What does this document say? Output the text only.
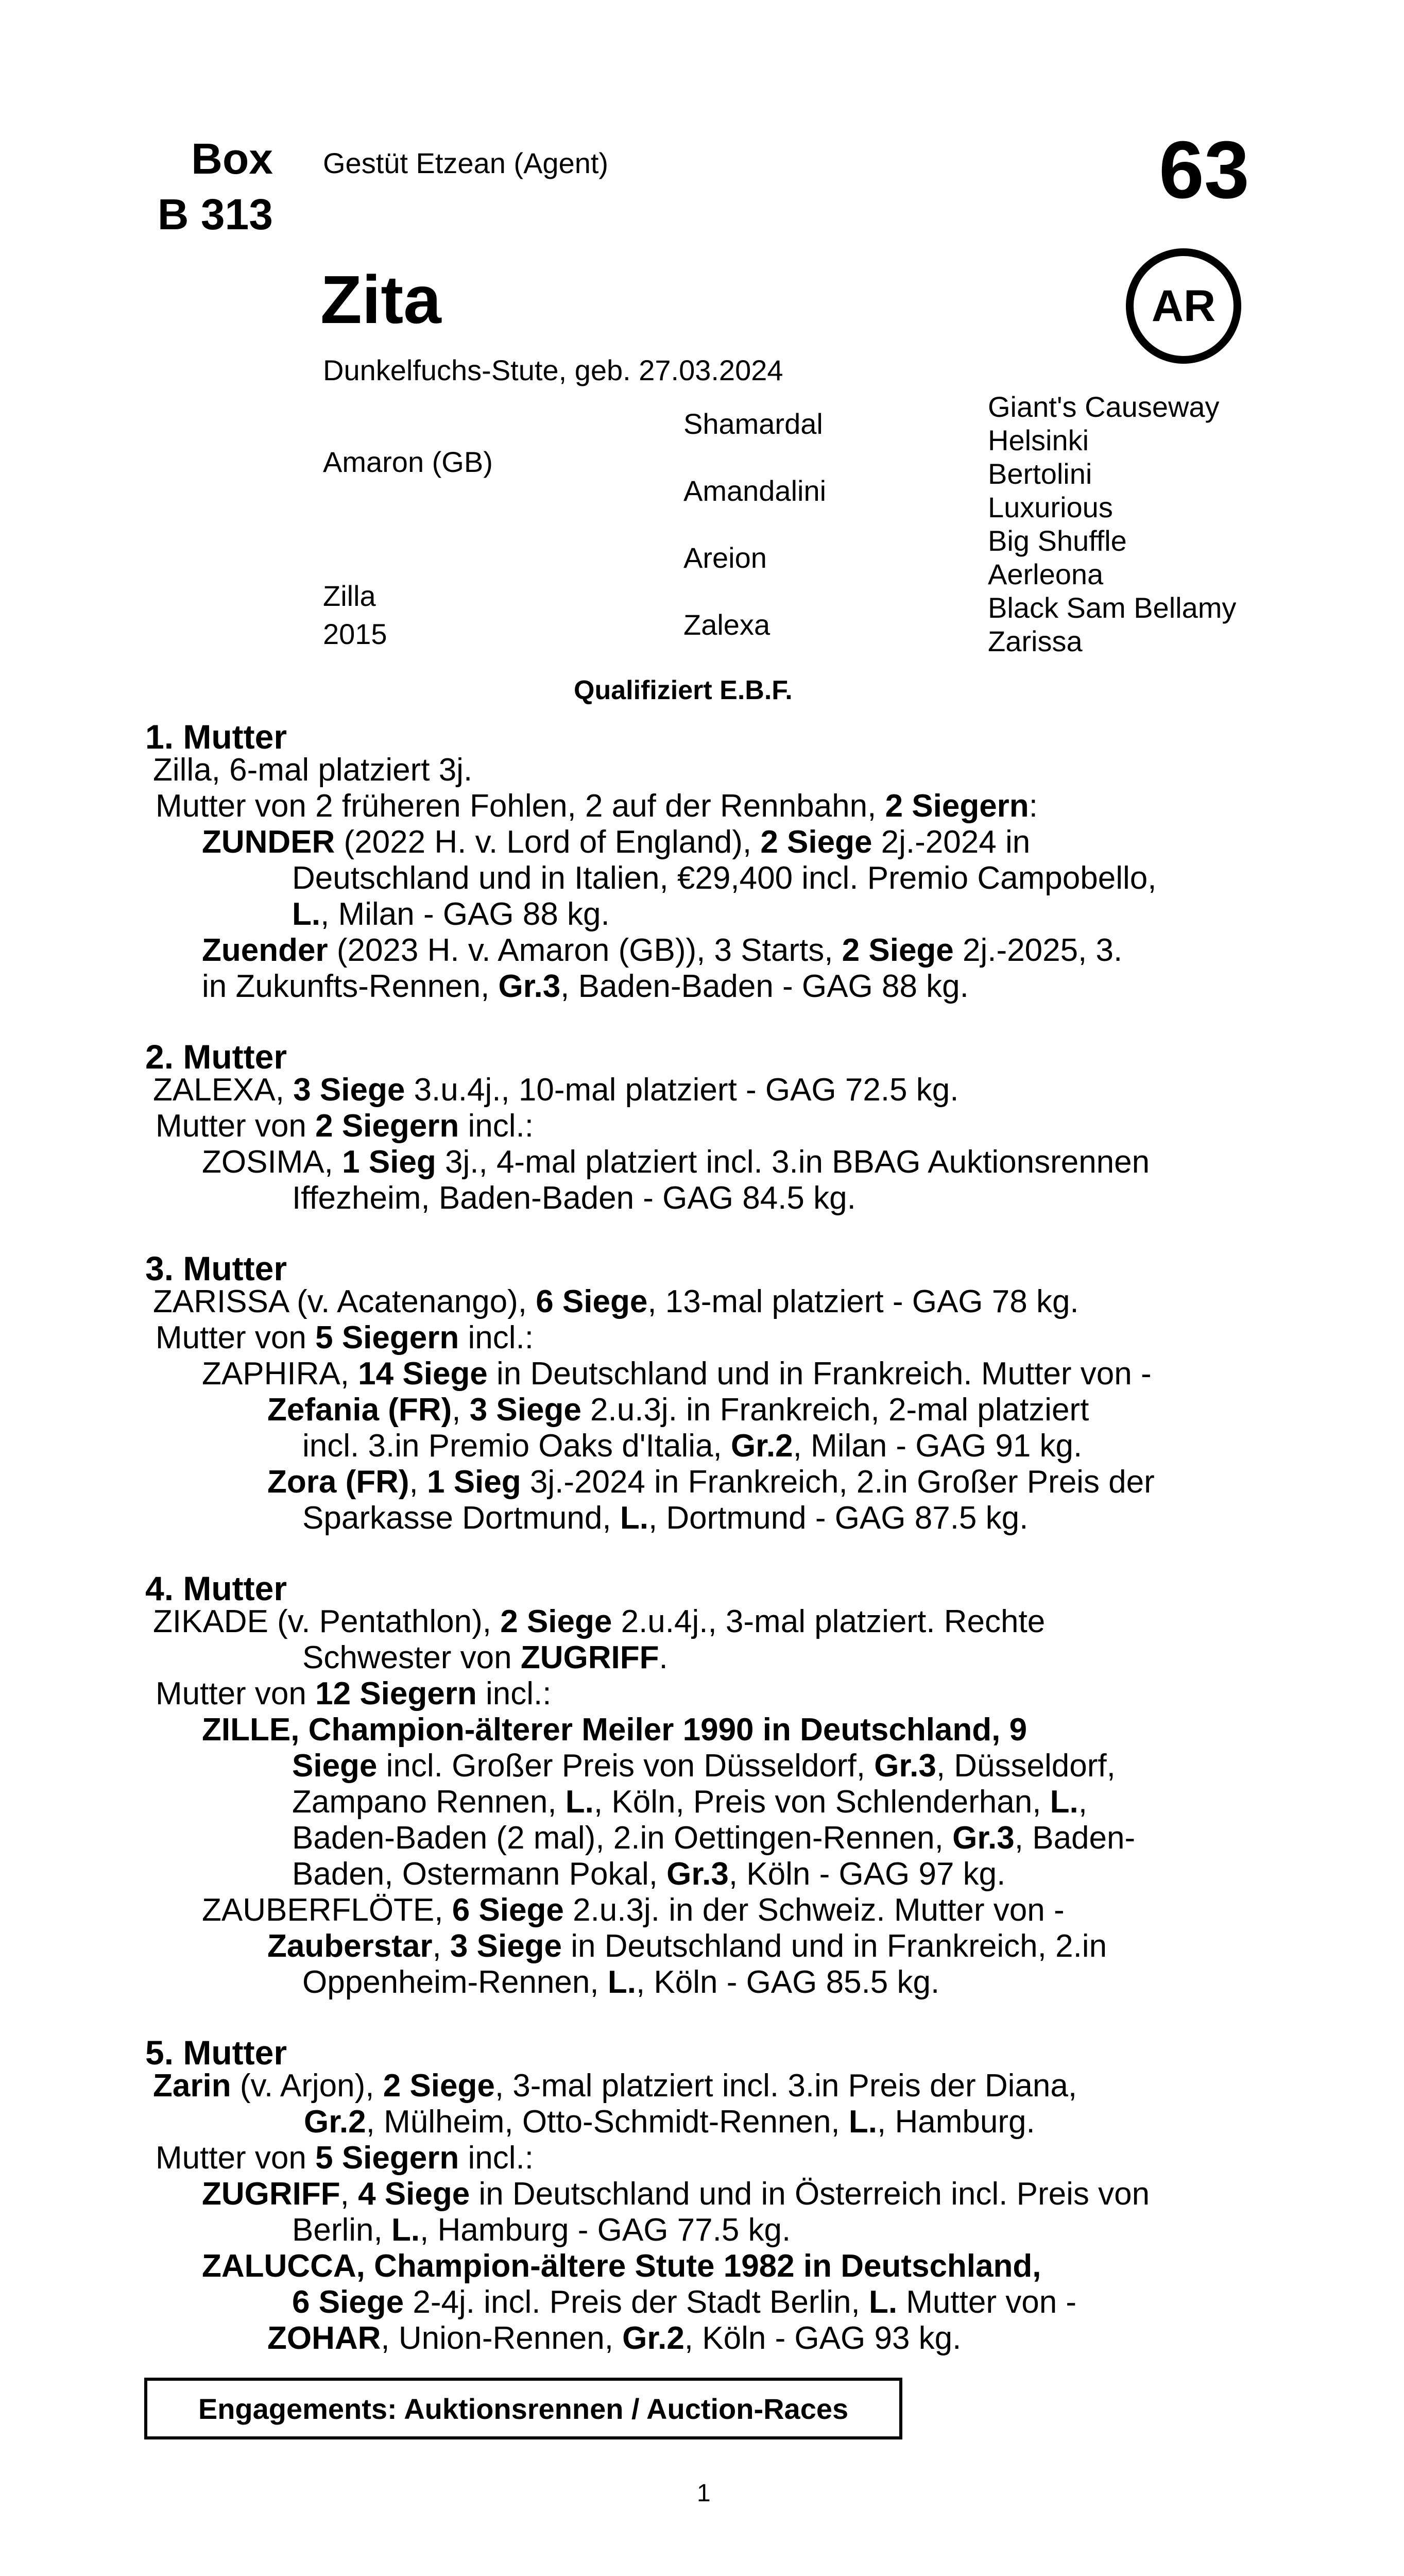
Box
B 313
Gestüt Etzean (Agent)	63
AR
Zita
Dunkelfuchs-Stute, geb. 27.03.2024
Amaron (GB)
Zilla
2015
Shamardal
Amandalini
Areion
Zalexa
Giant's Causeway
Helsinki
Bertolini
Luxurious
Big Shuffle
Aerleona
Black Sam Bellamy
Zarissa
Qualifiziert E.B.F.
1. Mutter
Zilla, 6-mal platziert 3j.
Mutter von 2 früheren Fohlen, 2 auf der Rennbahn, 2 Siegern:
ZUNDER (2022 H. v. Lord of England), 2 Siege 2j.-2024 in
Deutschland und in Italien, €29,400 incl. Premio Campobello,
L., Milan - GAG 88 kg.
Zuender (2023 H. v. Amaron (GB)), 3 Starts, 2 Siege 2j.-2025, 3.
in Zukunfts-Rennen, Gr.3, Baden-Baden - GAG 88 kg.
2. Mutter
ZALEXA, 3 Siege 3.u.4j., 10-mal platziert - GAG 72.5 kg.
Mutter von 2 Siegern incl.:
ZOSIMA, 1 Sieg 3j., 4-mal platziert incl. 3.in BBAG Auktionsrennen
Iffezheim, Baden-Baden - GAG 84.5 kg.
3. Mutter
ZARISSA (v. Acatenango), 6 Siege, 13-mal platziert - GAG 78 kg.
Mutter von 5 Siegern incl.:
ZAPHIRA, 14 Siege in Deutschland und in Frankreich. Mutter von -
Zefania (FR), 3 Siege 2.u.3j. in Frankreich, 2-mal platziert
incl. 3.in Premio Oaks d'Italia, Gr.2, Milan - GAG 91 kg.
Zora (FR), 1 Sieg 3j.-2024 in Frankreich, 2.in Großer Preis der
Sparkasse Dortmund, L., Dortmund - GAG 87.5 kg.
4. Mutter
ZIKADE (v. Pentathlon), 2 Siege 2.u.4j., 3-mal platziert. Rechte
Schwester von ZUGRIFF.
Mutter von 12 Siegern incl.:
ZILLE, Champion-älterer Meiler 1990 in Deutschland, 9
Siege incl. Großer Preis von Düsseldorf, Gr.3, Düsseldorf,
Zampano Rennen, L., Köln, Preis von Schlenderhan, L.,
Baden-Baden (2 mal), 2.in Oettingen-Rennen, Gr.3, Baden-
Baden, Ostermann Pokal, Gr.3, Köln - GAG 97 kg.
ZAUBERFLÖTE, 6 Siege 2.u.3j. in der Schweiz. Mutter von -
Zauberstar, 3 Siege in Deutschland und in Frankreich, 2.in
Oppenheim-Rennen, L., Köln - GAG 85.5 kg.
5. Mutter
Zarin (v. Arjon), 2 Siege, 3-mal platziert incl. 3.in Preis der Diana,
Gr.2, Mülheim, Otto-Schmidt-Rennen, L., Hamburg.
Mutter von 5 Siegern incl.:
ZUGRIFF, 4 Siege in Deutschland und in Österreich incl. Preis von
Berlin, L., Hamburg - GAG 77.5 kg.
ZALUCCA, Champion-ältere Stute 1982 in Deutschland,
6 Siege 2-4j. incl. Preis der Stadt Berlin, L. Mutter von -
ZOHAR, Union-Rennen, Gr.2, Köln - GAG 93 kg.
Engagements: Auktionsrennen / Auction-Races
1
